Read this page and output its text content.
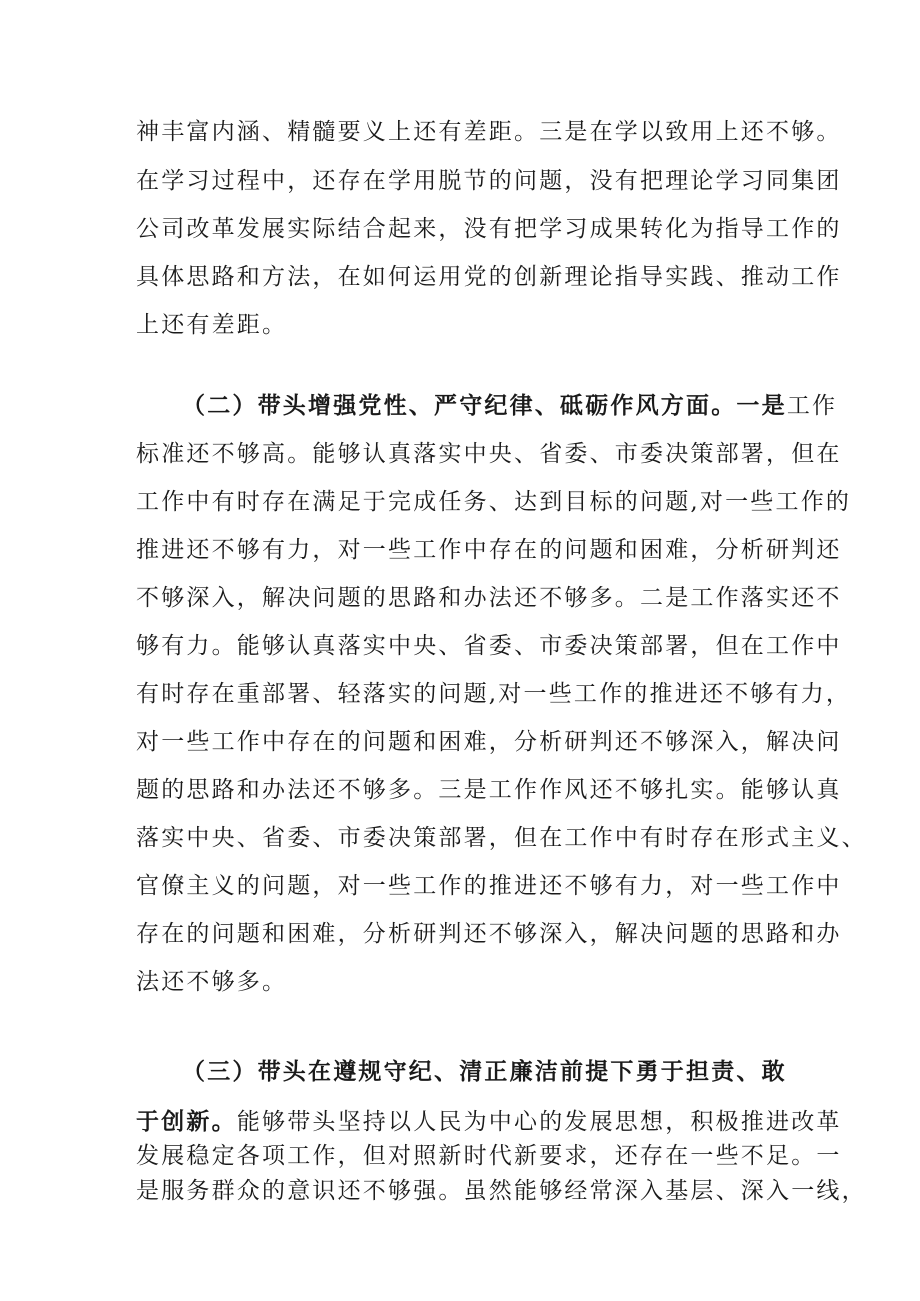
神丰富内涵、精髓要义上还有差距。三是在学以致用上还不够。
在学习过程中，还存在学用脱节的问题，没有把理论学习同集团
公司改革发展实际结合起来，没有把学习成果转化为指导工作的
具体思路和方法，在如何运用党的创新理论指导实践、推动工作
上还有差距。
（二）带头增强党性、严守纪律、砥砺作风方面。一是工作
标准还不够高。能够认真落实中央、省委、市委决策部署，但在
工作中有时存在满足于完成任务、达到目标的问题,对一些工作的
推进还不够有力，对一些工作中存在的问题和困难，分析研判还
不够深入，解决问题的思路和办法还不够多。二是工作落实还不
够有力。能够认真落实中央、省委、市委决策部署，但在工作中
有时存在重部署、轻落实的问题,对一些工作的推进还不够有力，
对一些工作中存在的问题和困难，分析研判还不够深入，解决问
题的思路和办法还不够多。三是工作作风还不够扎实。能够认真
落实中央、省委、市委决策部署，但在工作中有时存在形式主义、
官僚主义的问题，对一些工作的推进还不够有力，对一些工作中
存在的问题和困难，分析研判还不够深入，解决问题的思路和办
法还不够多。
（三）带头在遵规守纪、清正廉洁前提下勇于担责、敢
于创新。能够带头坚持以人民为中心的发展思想，积极推进改革
发展稳定各项工作，但对照新时代新要求，还存在一些不足。一
是服务群众的意识还不够强。虽然能够经常深入基层、深入一线，
